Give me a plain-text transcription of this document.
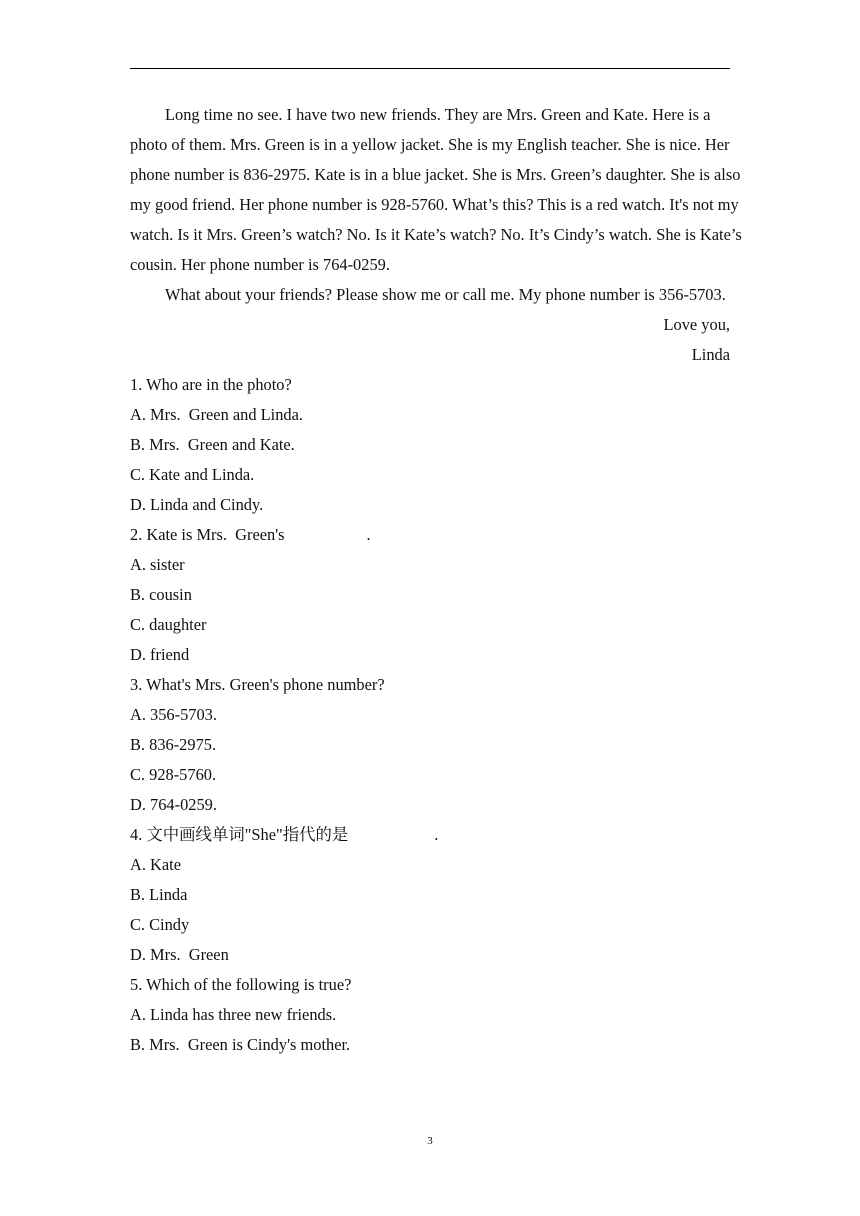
Long time no see. I have two new friends. They are Mrs. Green and Kate. Here is a photo of them. Mrs. Green is in a yellow jacket. She is my English teacher. She is nice. Her phone number is 836-2975. Kate is in a blue jacket. She is Mrs. Green’s daughter. She is also my good friend. Her phone number is 928-5760. What’s this? This is a red watch. It's not my watch. Is it Mrs. Green’s watch? No. Is it Kate’s watch? No. It’s Cindy’s watch. She is Kate’s cousin. Her phone number is 764-0259.

What about your friends? Please show me or call me. My phone number is 356-5703.

Love you,

Linda

1. Who are in the photo?

A. Mrs.  Green and Linda.

B. Mrs.  Green and Kate.

C. Kate and Linda.

D. Linda and Cindy.

2. Kate is Mrs.  Green's	.

A. sister

B. cousin

C. daughter

D. friend

3. What's Mrs. Green's phone number?

A. 356-5703.

B. 836-2975.

C. 928-5760.

D. 764-0259.

4. 文中画线单词"She"指代的是	.

A. Kate

B. Linda

C. Cindy

D. Mrs.  Green

5. Which of the following is true?

A. Linda has three new friends.

B. Mrs.  Green is Cindy's mother.

3
